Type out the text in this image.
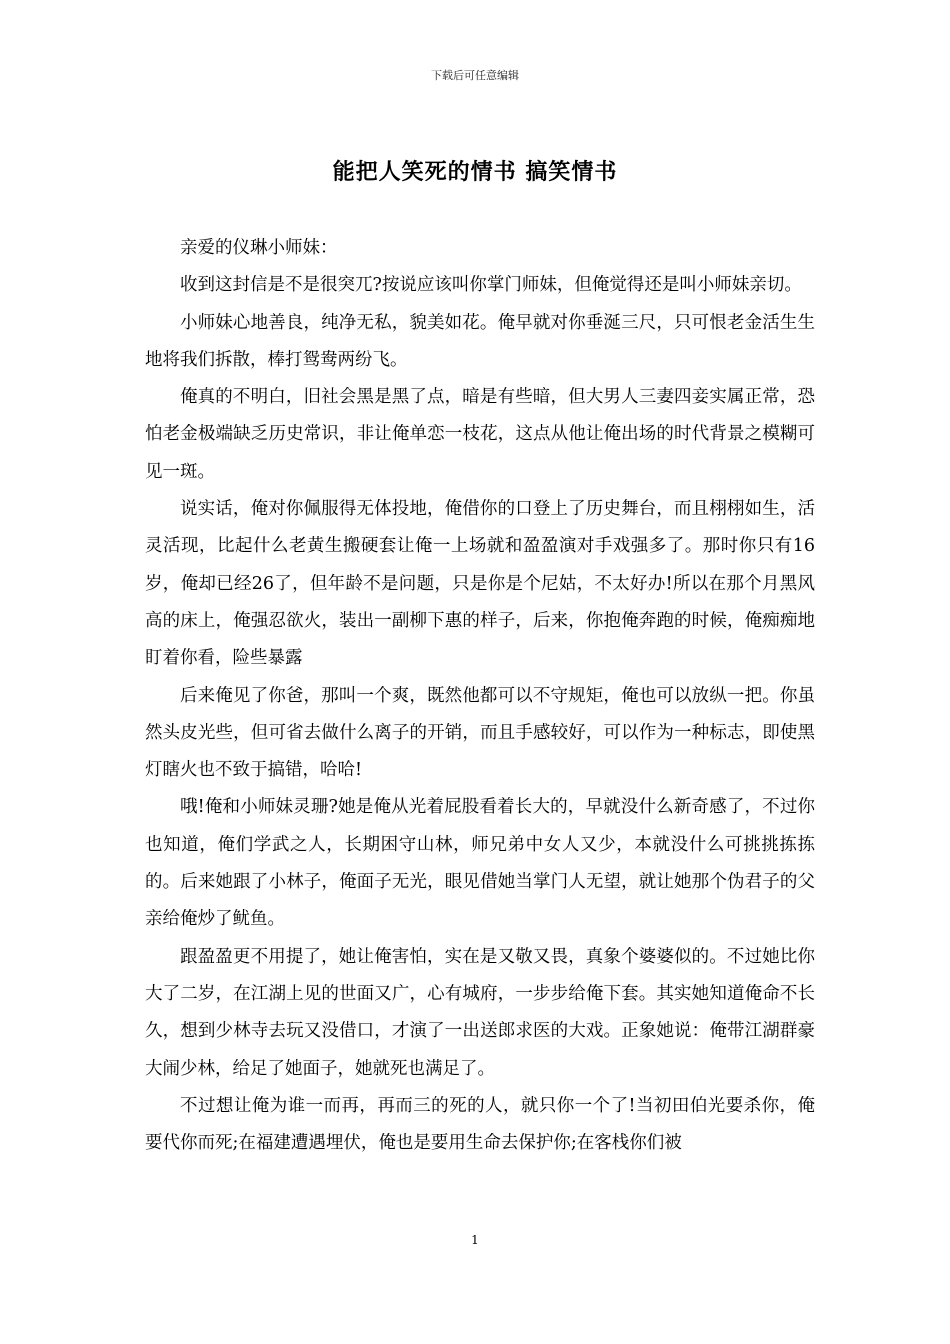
下载后可任意编辑
能把人笑死的情书 搞笑情书

亲爱的仪琳小师妹：

收到这封信是不是很突兀?按说应该叫你掌门师妹，但俺觉得还是叫小师妹亲切。

小师妹心地善良，纯净无私，貌美如花。俺早就对你垂涎三尺，只可恨老金活生生地将我们拆散，棒打鸳鸯两纷飞。

俺真的不明白，旧社会黑是黑了点，暗是有些暗，但大男人三妻四妾实属正常，恐怕老金极端缺乏历史常识，非让俺单恋一枝花，这点从他让俺出场的时代背景之模糊可见一斑。

说实话，俺对你佩服得无体投地，俺借你的口登上了历史舞台，而且栩栩如生，活灵活现，比起什么老黄生搬硬套让俺一上场就和盈盈演对手戏强多了。那时你只有16岁，俺却已经26了，但年龄不是问题，只是你是个尼姑，不太好办!所以在那个月黑风高的床上，俺强忍欲火，装出一副柳下惠的样子，后来，你抱俺奔跑的时候，俺痴痴地盯着你看，险些暴露

后来俺见了你爸，那叫一个爽，既然他都可以不守规矩，俺也可以放纵一把。你虽然头皮光些，但可省去做什么离子的开销，而且手感较好，可以作为一种标志，即使黑灯瞎火也不致于搞错，哈哈!

哦!俺和小师妹灵珊?她是俺从光着屁股看着长大的，早就没什么新奇感了，不过你也知道，俺们学武之人，长期困守山林，师兄弟中女人又少，本就没什么可挑挑拣拣的。后来她跟了小林子，俺面子无光，眼见借她当掌门人无望，就让她那个伪君子的父亲给俺炒了鱿鱼。

跟盈盈更不用提了，她让俺害怕，实在是又敬又畏，真象个婆婆似的。不过她比你大了二岁，在江湖上见的世面又广，心有城府，一步步给俺下套。其实她知道俺命不长久，想到少林寺去玩又没借口，才演了一出送郎求医的大戏。正象她说：俺带江湖群豪大闹少林，给足了她面子，她就死也满足了。

不过想让俺为谁一而再，再而三的死的人，就只你一个了!当初田伯光要杀你，俺要代你而死;在福建遭遇埋伏，俺也是要用生命去保护你;在客栈你们被

1
